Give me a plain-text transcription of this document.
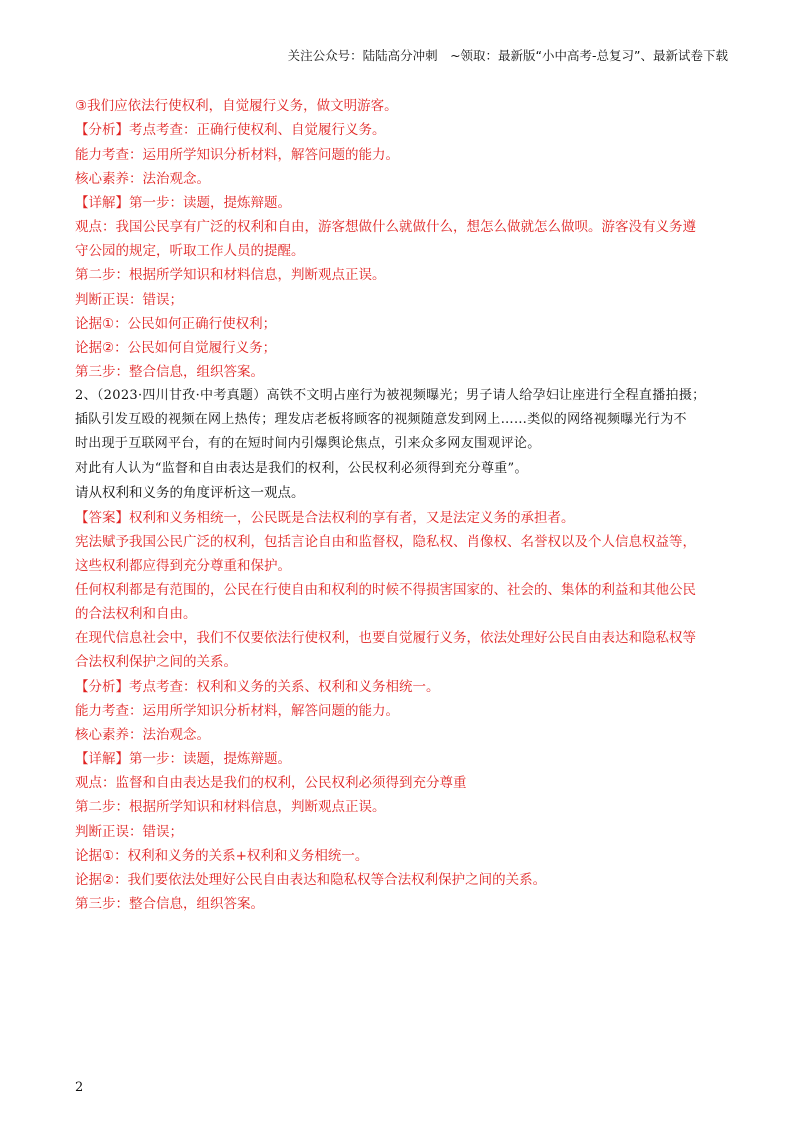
关注公众号：陆陆高分冲刺　~领取：最新版“小中高考-总复习”、最新试卷下载
③我们应依法行使权利，自觉履行义务，做文明游客。
【分析】考点考查：正确行使权利、自觉履行义务。
能力考查：运用所学知识分析材料，解答问题的能力。
核心素养：法治观念。
【详解】第一步：读题，提炼辩题。
观点：我国公民享有广泛的权利和自由，游客想做什么就做什么，想怎么做就怎么做呗。游客没有义务遵
守公园的规定，听取工作人员的提醒。
第二步：根据所学知识和材料信息，判断观点正误。
判断正误：错误；
论据①：公民如何正确行使权利；
论据②：公民如何自觉履行义务；
第三步：整合信息，组织答案。
2、（2023·四川甘孜·中考真题）高铁不文明占座行为被视频曝光；男子请人给孕妇让座进行全程直播拍摄；
插队引发互殴的视频在网上热传；理发店老板将顾客的视频随意发到网上……类似的网络视频曝光行为不
时出现于互联网平台，有的在短时间内引爆舆论焦点，引来众多网友围观评论。
对此有人认为“监督和自由表达是我们的权利，公民权利必须得到充分尊重”。
请从权利和义务的角度评析这一观点。
【答案】权利和义务相统一，公民既是合法权利的享有者，又是法定义务的承担者。
宪法赋予我国公民广泛的权利，包括言论自由和监督权，隐私权、肖像权、名誉权以及个人信息权益等，
这些权利都应得到充分尊重和保护。
任何权利都是有范围的，公民在行使自由和权利的时候不得损害国家的、社会的、集体的利益和其他公民
的合法权利和自由。
在现代信息社会中，我们不仅要依法行使权利，也要自觉履行义务，依法处理好公民自由表达和隐私权等
合法权利保护之间的关系。
【分析】考点考查：权利和义务的关系、权利和义务相统一。
能力考查：运用所学知识分析材料，解答问题的能力。
核心素养：法治观念。
【详解】第一步：读题，提炼辩题。
观点：监督和自由表达是我们的权利，公民权利必须得到充分尊重
第二步：根据所学知识和材料信息，判断观点正误。
判断正误：错误；
论据①：权利和义务的关系+权利和义务相统一。
论据②：我们要依法处理好公民自由表达和隐私权等合法权利保护之间的关系。
第三步：整合信息，组织答案。
2
